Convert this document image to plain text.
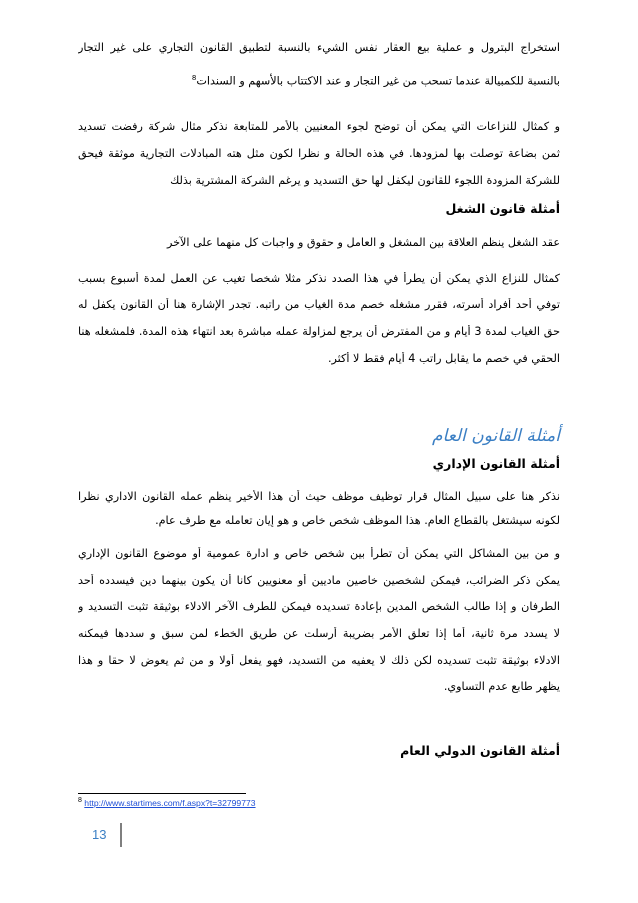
استخراج البترول و عملية بيع العقار نفس الشيء بالنسبة لتطبيق القانون التجاري على غير التجار
بالنسبة للكمبيالة عندما تسحب من غير التجار و عند الاكتتاب بالأسهم و السندات$^8$
و كمثال للنزاعات التي يمكن أن توضح لجوء المعنيين بالأمر للمتابعة نذكر مثال شركة رفضت تسديد
ثمن بضاعة توصلت بها لمزودها. في هذه الحالة و نظرا لكون مثل هته المبادلات التجارية موثقة فيحق
للشركة المزودة اللجوء للقانون ليكفل لها حق التسديد و يرغم الشركة المشترية بذلك
أمثلة قانون الشغل
عقد الشغل ينظم العلاقة بين المشغل و العامل و حقوق و واجبات كل منهما على الآخر
كمثال للنزاع الذي يمكن أن يطرأ في هذا الصدد نذكر مثلا شخصا تغيب عن العمل لمدة أسبوع بسبب
توفي أحد أفراد أسرته، فقرر مشغله خصم مدة الغياب من راتبه. تجدر الإشارة هنا أن القانون يكفل له
حق الغياب لمدة 3 أيام و من المفترض أن يرجع لمزاولة عمله مباشرة بعد انتهاء هذه المدة. فلمشغله هنا
الحقي في خصم ما يقابل راتب 4 أيام فقط لا أكثر.
أمثلة القانون العام
أمثلة القانون الإداري
نذكر هنا على سبيل المثال قرار توظيف موظف حيث أن هذا الأخير ينظم عمله القانون الاداري نظرا
لكونه سيشتغل بالقطاع العام. هذا الموظف شخص خاص و هو إيان تعامله مع طرف عام.
و من بين المشاكل التي يمكن أن تطرأ بين شخص خاص و ادارة عمومية أو موضوع القانون الإداري
يمكن ذكر الضرائب، فيمكن لشخصين خاصين ماديين أو معنويين كانا أن يكون بينهما دين فيسدده أحد
الطرفان و إذا طالب الشخص المدين بإعادة تسديده فيمكن للطرف الآخر الادلاء بوثيقة تثبت التسديد و
لا يسدد مرة ثانية، أما إذا تعلق الأمر بضريبة أرسلت عن طريق الخطء لمن سبق و سددها فيمكنه
الادلاء بوثيقة تثبت تسديده لكن ذلك لا يعفيه من التسديد، فهو يفعل أولا و من ثم يعوض لا حقا و هذا
يظهر طابع عدم التساوي.
أمثلة القانون الدولي العام
$^8$ http://www.startimes.com/f.aspx?t=32799773
13
